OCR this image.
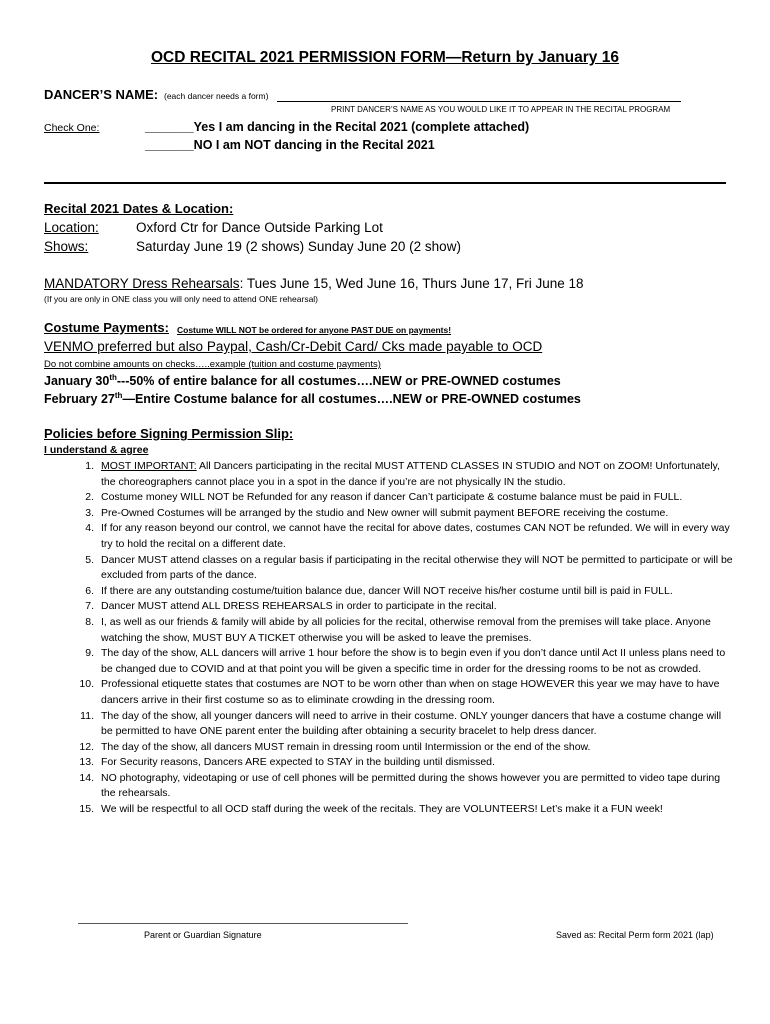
OCD RECITAL 2021 PERMISSION FORM—Return by January 16
DANCER’S NAME: (each dancer needs a form)
PRINT DANCER’S NAME AS YOU WOULD LIKE IT TO APPEAR IN THE RECITAL PROGRAM
Check One:	_______Yes I am dancing in the Recital 2021 (complete attached)
_______NO I am NOT dancing in the Recital 2021
Recital 2021 Dates & Location:
Location:	Oxford Ctr for Dance Outside Parking Lot
Shows:	Saturday June 19 (2 shows) Sunday June 20 (2 show)
MANDATORY Dress Rehearsals: Tues June 15, Wed June 16, Thurs June 17, Fri June 18
(If you are only in ONE class you will only need to attend ONE rehearsal)
Costume Payments: Costume WILL NOT be ordered for anyone PAST DUE on payments!
VENMO preferred but also Paypal, Cash/Cr-Debit Card/ Cks made payable to OCD
Do not combine amounts on checks…..example (tuition and costume payments)
January 30th---50% of entire balance for all costumes….NEW or PRE-OWNED costumes
February 27th—Entire Costume balance for all costumes….NEW or PRE-OWNED costumes
Policies before Signing Permission Slip:
I understand & agree
1. MOST IMPORTANT: All Dancers participating in the recital MUST ATTEND CLASSES IN STUDIO and NOT on ZOOM! Unfortunately, the choreographers cannot place you in a spot in the dance if you’re are not physically IN the studio.
2. Costume money WILL NOT be Refunded for any reason if dancer Can’t participate & costume balance must be paid in FULL.
3. Pre-Owned Costumes will be arranged by the studio and New owner will submit payment BEFORE receiving the costume.
4. If for any reason beyond our control, we cannot have the recital for above dates, costumes CAN NOT be refunded. We will in every way try to hold the recital on a different date.
5. Dancer MUST attend classes on a regular basis if participating in the recital otherwise they will NOT be permitted to participate or will be excluded from parts of the dance.
6. If there are any outstanding costume/tuition balance due, dancer Will NOT receive his/her costume until bill is paid in FULL.
7. Dancer MUST attend ALL DRESS REHEARSALS in order to participate in the recital.
8. I, as well as our friends & family will abide by all policies for the recital, otherwise removal from the premises will take place. Anyone watching the show, MUST BUY A TICKET otherwise you will be asked to leave the premises.
9. The day of the show, ALL dancers will arrive 1 hour before the show is to begin even if you don’t dance until Act II unless plans need to be changed due to COVID and at that point you will be given a specific time in order for the dressing rooms to be not as crowded.
10. Professional etiquette states that costumes are NOT to be worn other than when on stage HOWEVER this year we may have to have dancers arrive in their first costume so as to eliminate crowding in the dressing room.
11. The day of the show, all younger dancers will need to arrive in their costume. ONLY younger dancers that have a costume change will be permitted to have ONE parent enter the building after obtaining a security bracelet to help dress dancer.
12. The day of the show, all dancers MUST remain in dressing room until Intermission or the end of the show.
13. For Security reasons, Dancers ARE expected to STAY in the building until dismissed.
14. NO photography, videotaping or use of cell phones will be permitted during the shows however you are permitted to video tape during the rehearsals.
15. We will be respectful to all OCD staff during the week of the recitals. They are VOLUNTEERS! Let’s make it a FUN week!
Parent or Guardian Signature	Saved as: Recital Perm form 2021 (lap)
